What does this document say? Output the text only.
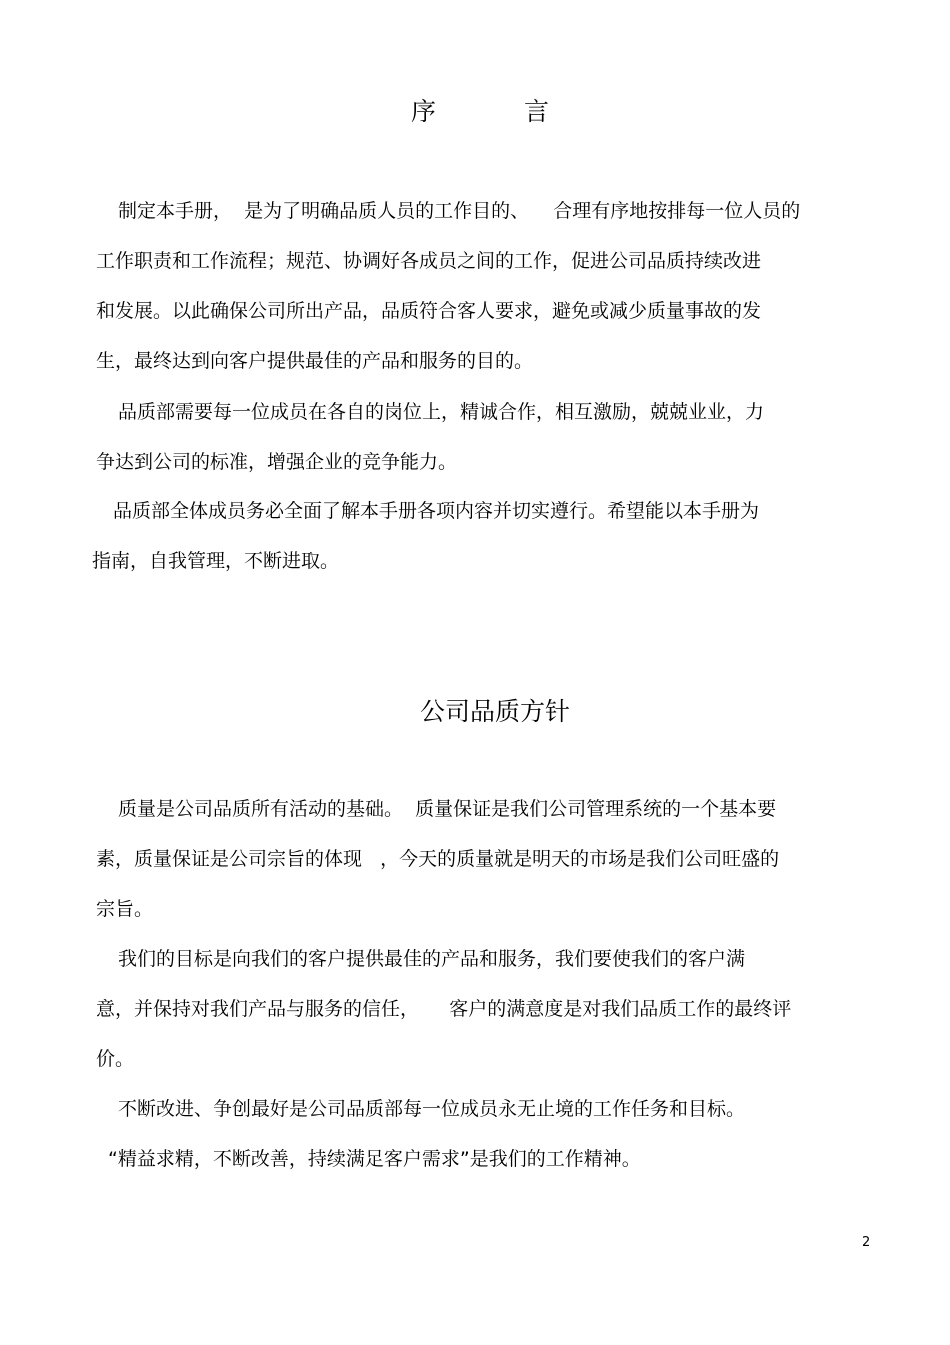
序	言
制定本手册，  是为了明确品质人员的工作目的、    合理有序地按排每一位人员的
工作职责和工作流程；规范、协调好各成员之间的工作，促进公司品质持续改进
和发展。以此确保公司所出产品，品质符合客人要求，避免或减少质量事故的发
生，最终达到向客户提供最佳的产品和服务的目的。
品质部需要每一位成员在各自的岗位上，精诚合作，相互激励，兢兢业业，力
争达到公司的标准，增强企业的竞争能力。
品质部全体成员务必全面了解本手册各项内容并切实遵行。希望能以本手册为
指南，自我管理，不断进取。
公司品质方针
质量是公司品质所有活动的基础。  质量保证是我们公司管理系统的一个基本要
素，质量保证是公司宗旨的体现   ，今天的质量就是明天的市场是我们公司旺盛的
宗旨。
我们的目标是向我们的客户提供最佳的产品和服务，我们要使我们的客户满
意，并保持对我们产品与服务的信任，     客户的满意度是对我们品质工作的最终评
价。
不断改进、争创最好是公司品质部每一位成员永无止境的工作任务和目标。
“精益求精，不断改善，持续满足客户需求”是我们的工作精神。
2
